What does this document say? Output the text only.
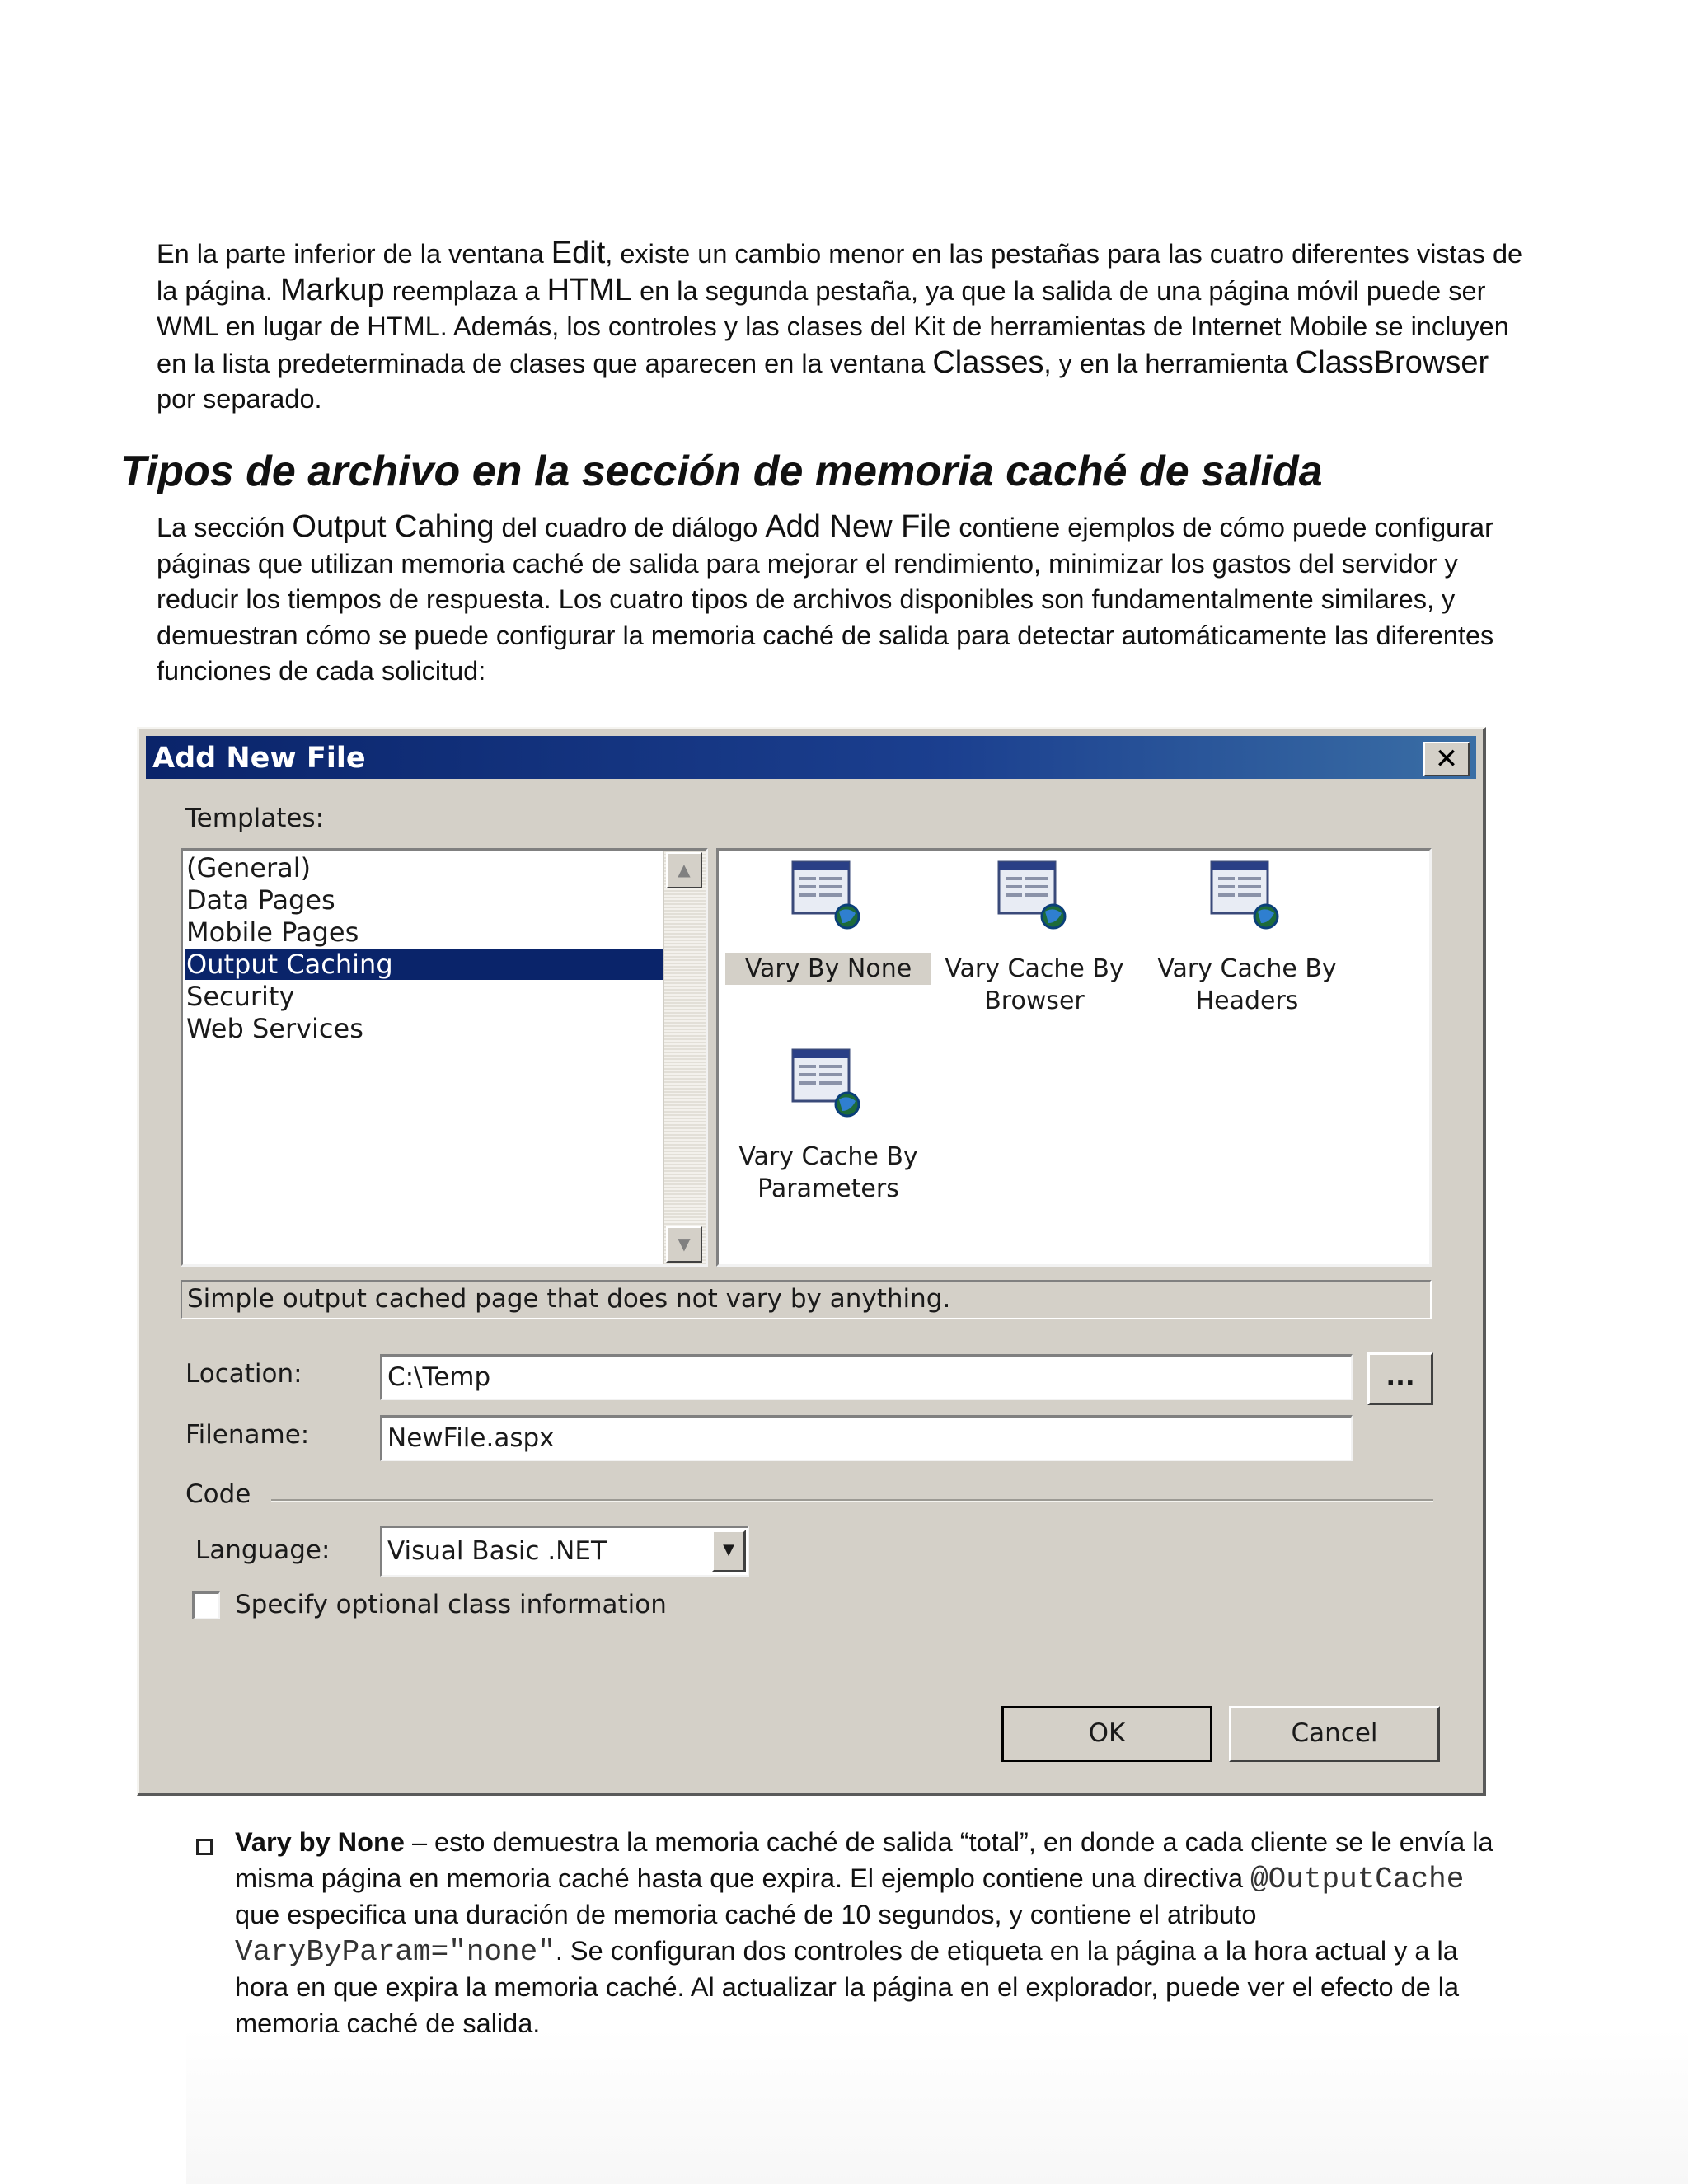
En la parte inferior de la ventana Edit, existe un cambio menor en las pestañas para las cuatro diferentes vistas de la página. Markup reemplaza a HTML en la segunda pestaña, ya que la salida de una página móvil puede ser WML en lugar de HTML. Además, los controles y las clases del Kit de herramientas de Internet Mobile se incluyen en la lista predeterminada de clases que aparecen en la ventana Classes, y en la herramienta ClassBrowser por separado.

Tipos de archivo en la sección de memoria caché de salida

La sección Output Cahing del cuadro de diálogo Add New File contiene ejemplos de cómo puede configurar páginas que utilizan memoria caché de salida para mejorar el rendimiento, minimizar los gastos del servidor y reducir los tiempos de respuesta. Los cuatro tipos de archivos disponibles son fundamentalmente similares, y demuestran cómo se puede configurar la memoria caché de salida para detectar automáticamente las diferentes funciones de cada solicitud:

Add New File	✕
Templates:
(General)
Data Pages
Mobile Pages
Output Caching
Security
Web Services
▲
▼
Vary By None	Vary Cache By
Browser
Vary Cache By
Headers
Vary Cache By
Parameters
Simple output cached page that does not vary by anything.
Location:	C:\Temp	...
Filename:	NewFile.aspx
Code
Language: Visual Basic .NET	▼
Specify optional class information
OK	Cancel

Vary by None – esto demuestra la memoria caché de salida “total”, en donde a cada cliente se le envía la misma página en memoria caché hasta que expira. El ejemplo contiene una directiva @OutputCache que especifica una duración de memoria caché de 10 segundos, y contiene el atributo VaryByParam="none". Se configuran dos controles de etiqueta en la página a la hora actual y a la hora en que expira la memoria caché. Al actualizar la página en el explorador, puede ver el efecto de la memoria caché de salida.
